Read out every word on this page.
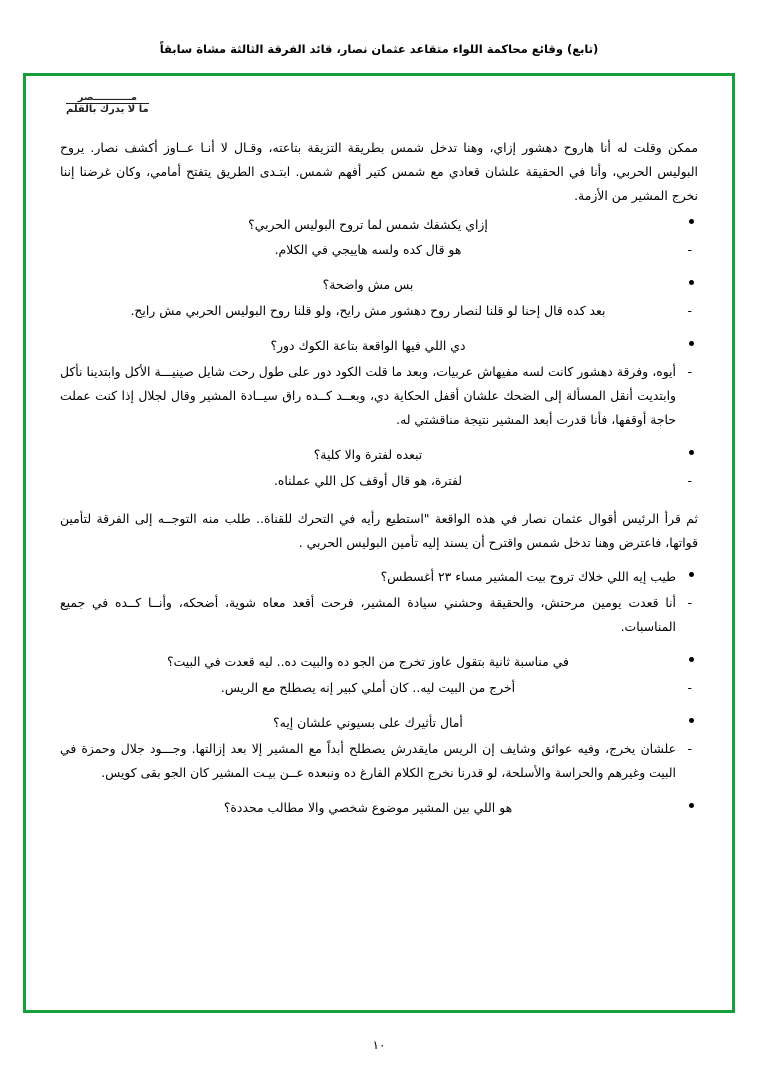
(تابع) وقائع محاكمة اللواء متقاعد عثمان نصار، قائد الفرقة الثالثة مشاة سابقاً
مـــــــــــصر
ما لا يدرك بالقلم

ممكن وقلت له أنا هاروح دهشور إزاي، وهنا تدخل شمس بطريقة التزيقة بتاعته، وقـال لا أنـا عــاوز أكشف نصار. يروح البوليس الحربي، وأنا في الحقيقة علشان قعادي مع شمس كتير أفهم شمس. ابتـدى الطريق يتفتح أمامي، وكان غرضنا إننا نخرج المشير من الأزمة.

إزاي يكشفك شمس لما تروح البوليس الحربي؟
-
هو قال كده ولسه هاييجي في الكلام.
بس مش واضحة؟
-
بعد كده قال إحنا لو قلنا لنصار روح دهشور مش رايح، ولو قلنا روح البوليس الحربي مش رايح.
دي اللي فيها الواقعة بتاعة الكوك دور؟
-
أيوه، وفرقة دهشور كانت لسه مفيهاش عربيات، وبعد ما قلت الكود دور على طول رحت شايل صينيـــة الأكل وابتدينا نأكل وابتديت أنقل المسألة إلى الضحك علشان أقفل الحكاية دي، وبعــد كــده راق سيــادة المشير وقال لجلال إذا كنت عملت حاجة أوقفها، فأنا قدرت أبعد المشير نتيجة مناقشتي له.
تبعده لفترة والا كلية؟
-
لفترة، هو قال أوقف كل اللي عملناه.

ثم قرأ الرئيس أقوال عثمان نصار في هذه الواقعة "استطيع رأيه في التحرك للقناة.. طلب منه التوجــه إلى الفرقة لتأمين قواتها، فاعترض وهنا تدخل شمس واقترح أن يسند إليه تأمين البوليس الحربي .

طيب إيه اللي خلاك تروح بيت المشير مساء ٢٣ أغسطس؟
-
أنا قعدت يومين مرحتش، والحقيقة وحشني سيادة المشير، فرحت أقعد معاه شوية، أضحكه، وأنــا كــده في جميع المناسبات.
في مناسبة ثانية بتقول عاوز تخرج من الجو ده والبيت ده.. ليه قعدت في البيت؟
-
أخرج من البيت ليه.. كان أملي كبير إنه يصطلح مع الريس.
أمال تأثيرك على بسيوني علشان إيه؟
-
علشان يخرج، وفيه عوائق وشايف إن الريس مايقدرش يصطلح أبداً مع المشير إلا بعد إزالتها. وجـــود جلال وحمزة في البيت وغيرهم والحراسة والأسلحة، لو قدرنا نخرج الكلام الفارغ ده ونبعده عــن بيـت المشير كان الجو بقى كويس.
هو اللي بين المشير موضوع شخصي والا مطالب محددة؟
١٠
